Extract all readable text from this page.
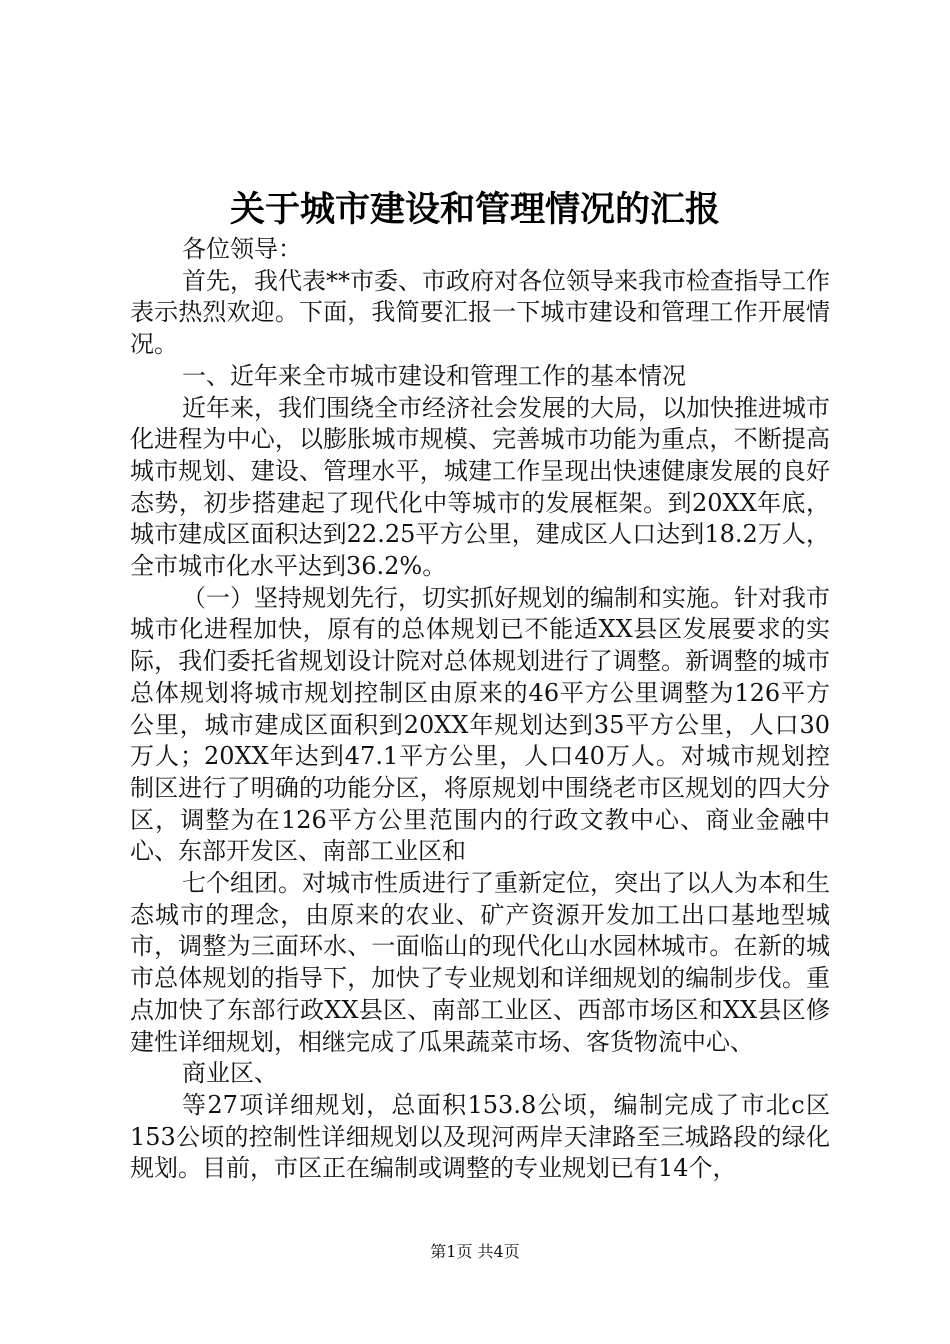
关于城市建设和管理情况的汇报

各位领导：

首先，我代表**市委、市政府对各位领导来我市检查指导工作表示热烈欢迎。下面，我简要汇报一下城市建设和管理工作开展情况。

一、近年来全市城市建设和管理工作的基本情况

近年来，我们围绕全市经济社会发展的大局，以加快推进城市化进程为中心，以膨胀城市规模、完善城市功能为重点，不断提高城市规划、建设、管理水平，城建工作呈现出快速健康发展的良好态势，初步搭建起了现代化中等城市的发展框架。到20XX年底，城市建成区面积达到22.25平方公里，建成区人口达到18.2万人，全市城市化水平达到36.2%。

（一）坚持规划先行，切实抓好规划的编制和实施。针对我市城市化进程加快，原有的总体规划已不能适XX县区发展要求的实际，我们委托省规划设计院对总体规划进行了调整。新调整的城市总体规划将城市规划控制区由原来的46平方公里调整为126平方公里，城市建成区面积到20XX年规划达到35平方公里，人口30万人；20XX年达到47.1平方公里，人口40万人。对城市规划控制区进行了明确的功能分区，将原规划中围绕老市区规划的四大分区，调整为在126平方公里范围内的行政文教中心、商业金融中心、东部开发区、南部工业区和

七个组团。对城市性质进行了重新定位，突出了以人为本和生态城市的理念，由原来的农业、矿产资源开发加工出口基地型城市，调整为三面环水、一面临山的现代化山水园林城市。在新的城市总体规划的指导下，加快了专业规划和详细规划的编制步伐。重点加快了东部行政XX县区、南部工业区、西部市场区和XX县区修建性详细规划，相继完成了瓜果蔬菜市场、客货物流中心、

商业区、

等27项详细规划，总面积153.8公顷，编制完成了市北c区153公顷的控制性详细规划以及现河两岸天津路至三城路段的绿化规划。目前，市区正在编制或调整的专业规划已有14个，

第1页 共4页
